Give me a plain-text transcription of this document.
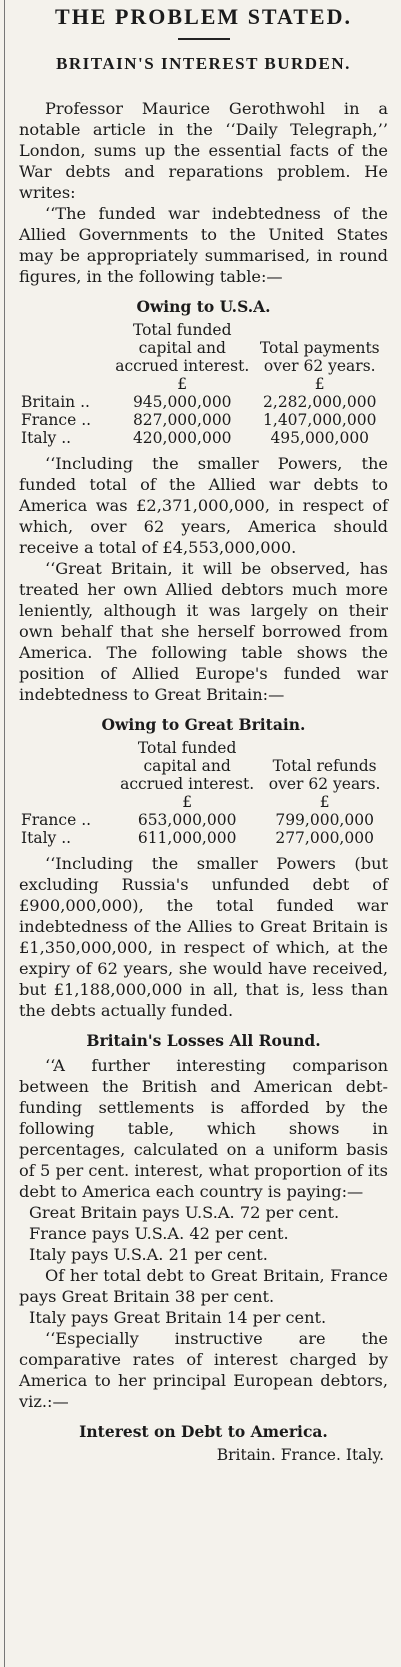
THE PROBLEM STATED.
BRITAIN'S INTEREST BURDEN.

Professor Maurice Gerothwohl in a notable article in the ‘‘Daily Telegraph,’’ London, sums up the essential facts of the War debts and reparations problem. He writes:

‘‘The funded war indebtedness of the Allied Governments to the United States may be appropriately summarised, in round figures, in the following table:—

Owing to U.S.A.
	Total funded capital and accrued interest.	Total payments over 62 years.
	£	£
Britain ..	945,000,000	2,282,000,000
France ..	827,000,000	1,407,000,000
Italy ..	420,000,000	495,000,000

‘‘Including the smaller Powers, the funded total of the Allied war debts to America was £2,371,000,000, in respect of which, over 62 years, America should receive a total of £4,553,000,000.

‘‘Great Britain, it will be observed, has treated her own Allied debtors much more leniently, although it was largely on their own behalf that she herself borrowed from America. The following table shows the position of Allied Europe's funded war indebtedness to Great Britain:—

Owing to Great Britain.
	Total funded capital and accrued interest.	Total refunds over 62 years.
	£	£
France ..	653,000,000	799,000,000
Italy ..	611,000,000	277,000,000

‘‘Including the smaller Powers (but excluding Russia's unfunded debt of £900,000,000), the total funded war indebtedness of the Allies to Great Britain is £1,350,000,000, in respect of which, at the expiry of 62 years, she would have received, but £1,188,000,000 in all, that is, less than the debts actually funded.

Britain's Losses All Round.

‘‘A further interesting comparison between the British and American debt-funding settlements is afforded by the following table, which shows in percentages, calculated on a uniform basis of 5 per cent. interest, what proportion of its debt to America each country is paying:—

Great Britain pays U.S.A. 72 per cent.

France pays U.S.A. 42 per cent.

Italy pays U.S.A. 21 per cent.

Of her total debt to Great Britain, France pays Great Britain 38 per cent.

Italy pays Great Britain 14 per cent.

‘‘Especially instructive are the comparative rates of interest charged by America to her principal European debtors, viz.:—

Interest on Debt to America.
Britain. France. Italy.
